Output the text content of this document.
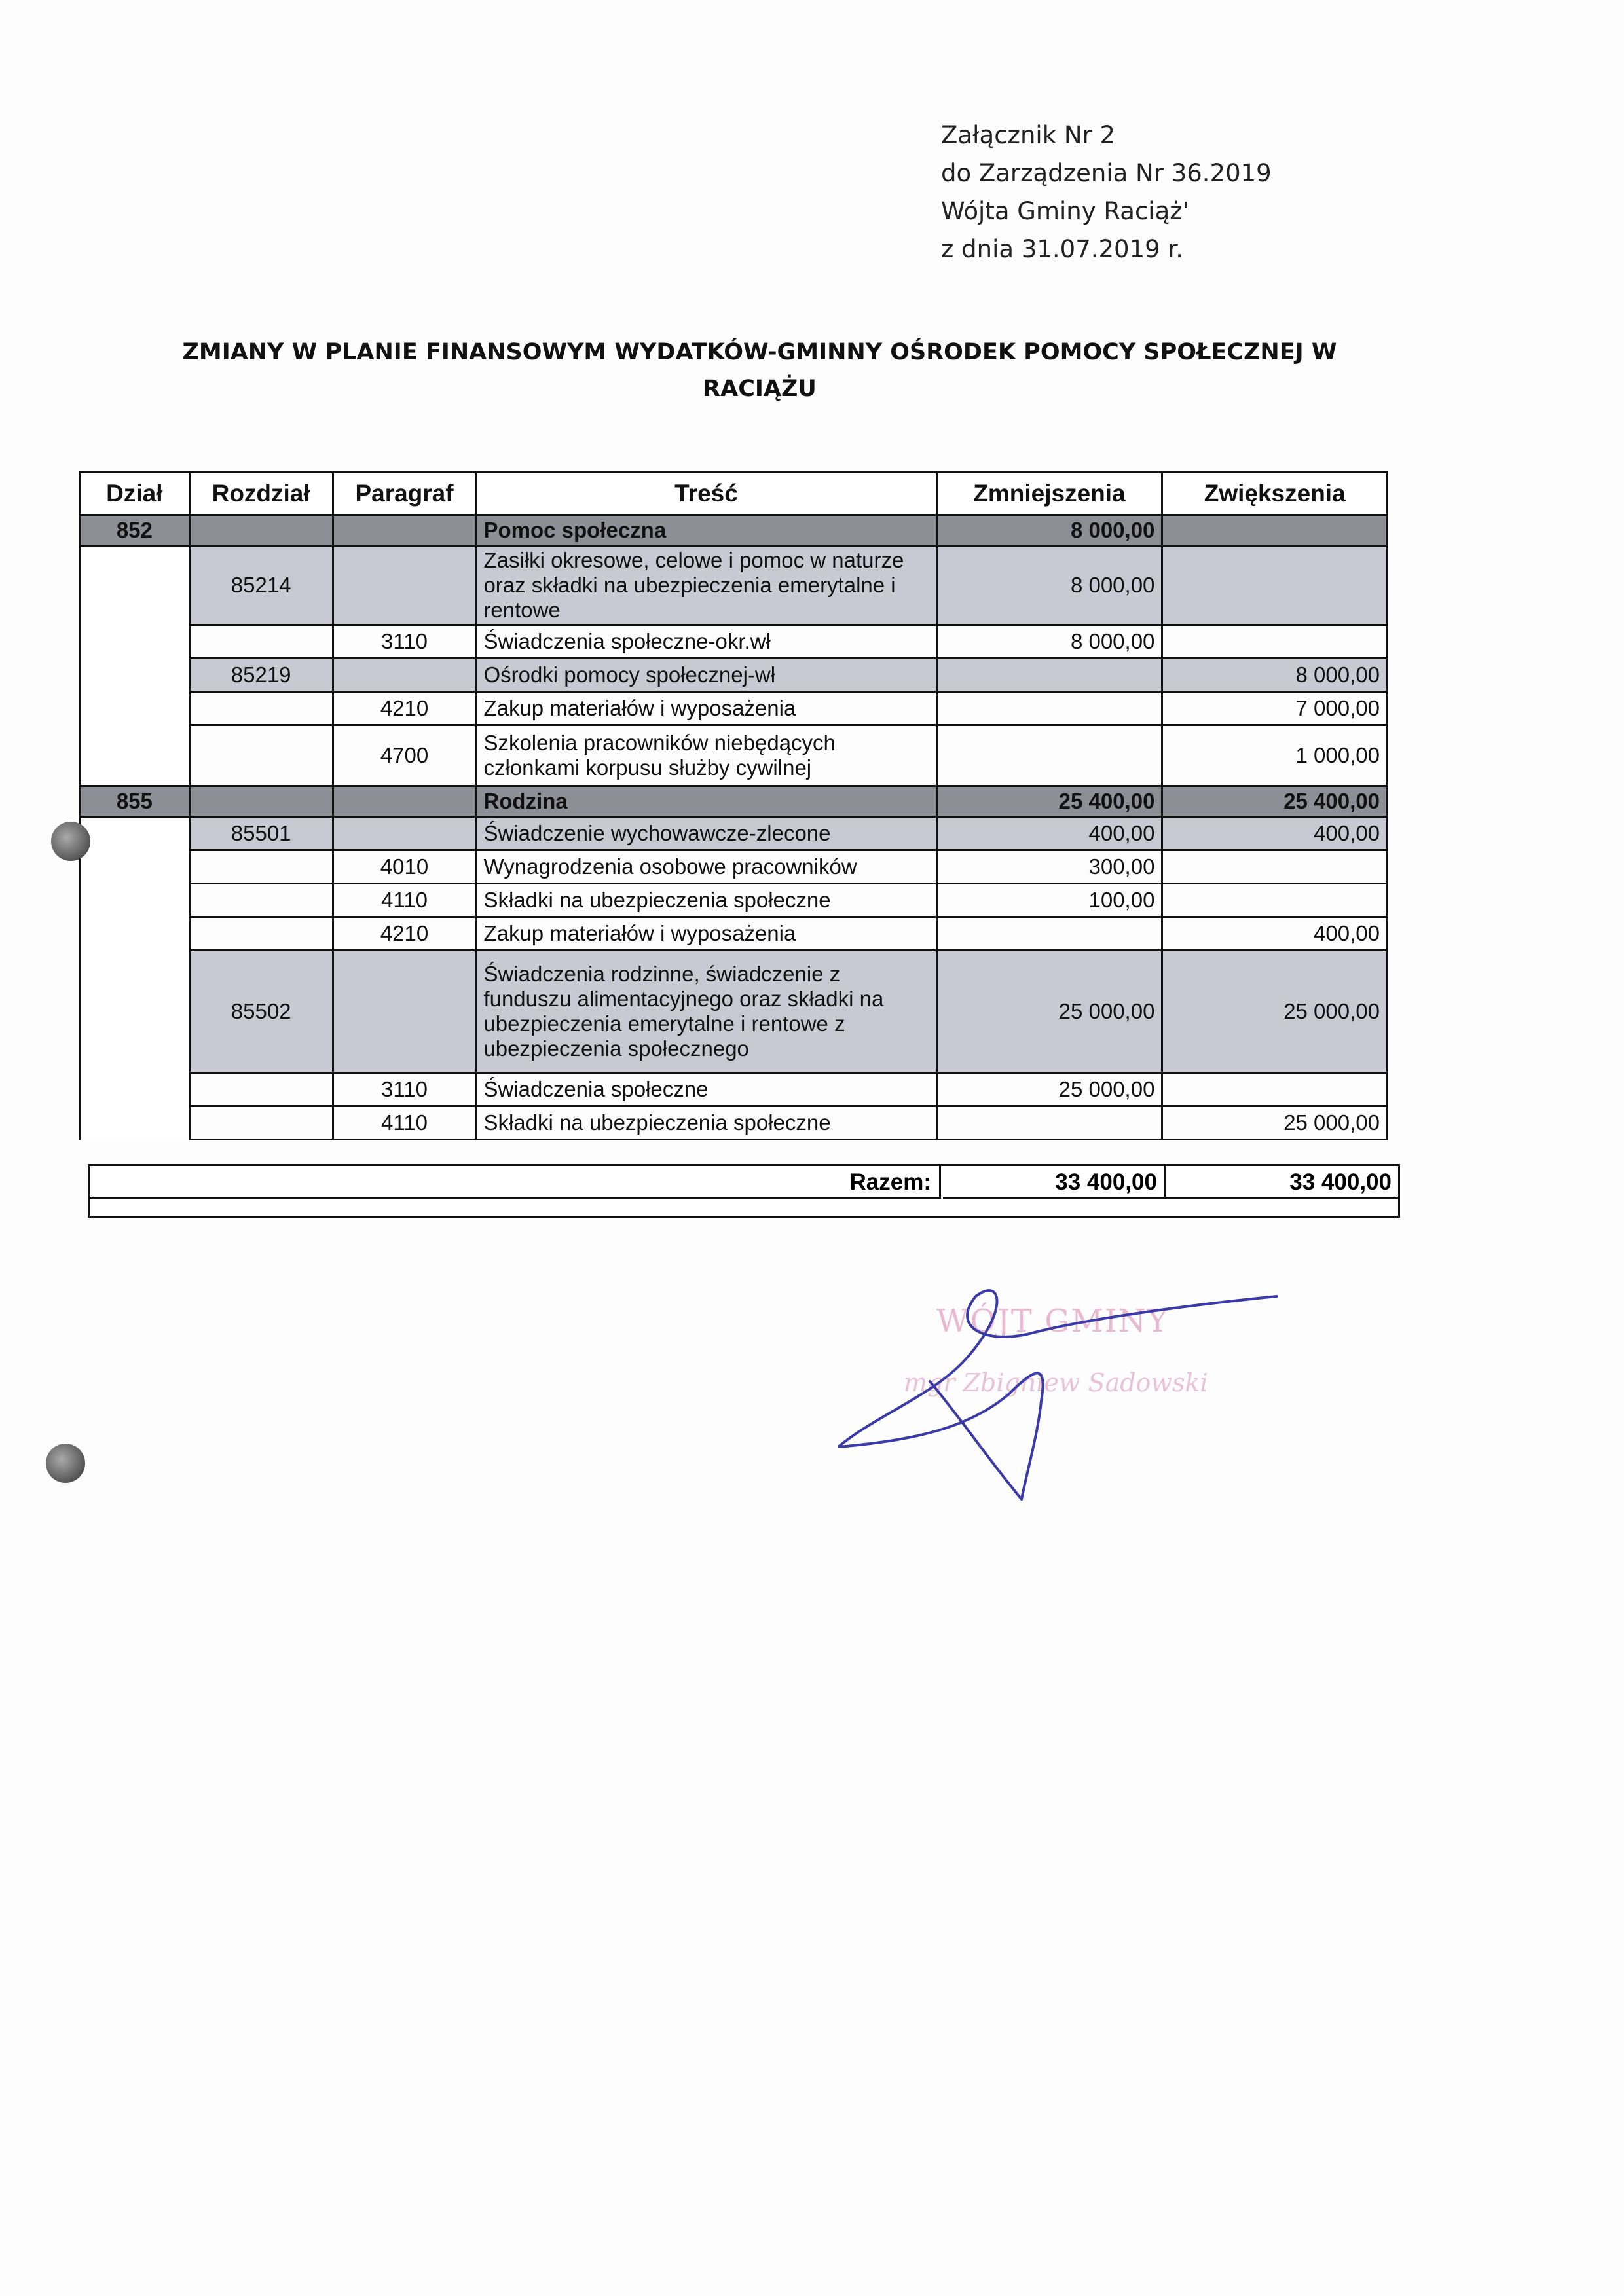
Załącznik Nr 2
do Zarządzenia Nr 36.2019
Wójta Gminy Raciąż'
z dnia 31.07.2019 r.
ZMIANY W PLANIE FINANSOWYM WYDATKÓW-GMINNY OŚRODEK POMOCY SPOŁECZNEJ W RACIĄŻU
Dział	Rozdział	Paragraf	Treść	Zmniejszenia	Zwiększenia
852			Pomoc społeczna	8 000,00	
	85214		Zasiłki okresowe, celowe i pomoc w naturze oraz składki na ubezpieczenia emerytalne i rentowe	8 000,00	
		3110	Świadczenia społeczne-okr.wł	8 000,00	
	85219		Ośrodki pomocy społecznej-wł		8 000,00
		4210	Zakup materiałów i wyposażenia		7 000,00
		4700	Szkolenia pracowników niebędących członkami korpusu służby cywilnej		1 000,00
855			Rodzina	25 400,00	25 400,00
	85501		Świadczenie wychowawcze-zlecone	400,00	400,00
		4010	Wynagrodzenia osobowe pracowników	300,00	
		4110	Składki na ubezpieczenia społeczne	100,00	
		4210	Zakup materiałów i wyposażenia		400,00
	85502		Świadczenia rodzinne, świadczenie z funduszu alimentacyjnego oraz składki na ubezpieczenia emerytalne i rentowe z ubezpieczenia społecznego	25 000,00	25 000,00
		3110	Świadczenia społeczne	25 000,00	
		4110	Składki na ubezpieczenia społeczne		25 000,00
Razem:	33 400,00	33 400,00
WÓJT GMINY
mgr Zbigniew Sadowski
